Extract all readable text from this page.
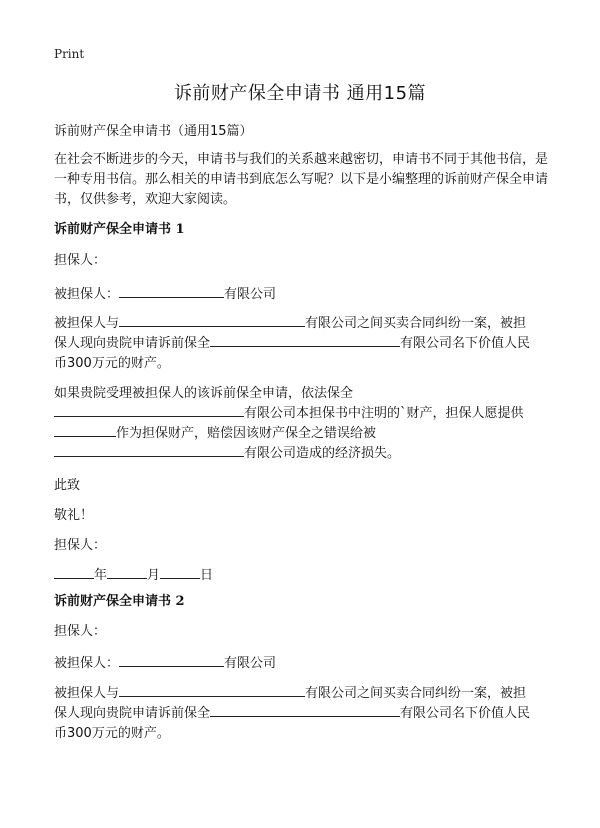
Print
诉前财产保全申请书 通用15篇
诉前财产保全申请书（通用15篇）

在社会不断进步的今天，申请书与我们的关系越来越密切，申请书不同于其他书信，是一种专用书信。那么相关的申请书到底怎么写呢？以下是小编整理的诉前财产保全申请书，仅供参考，欢迎大家阅读。

诉前财产保全申请书 1
担保人：
被担保人：	有限公司
被担保人与	有限公司之间买卖合同纠纷一案，被担
保人现向贵院申请诉前保全	有限公司名下价值人民
币300万元的财产。
如果贵院受理被担保人的该诉前保全申请，依法保全
有限公司本担保书中注明的`财产，担保人愿提供
作为担保财产，赔偿因该财产保全之错误给被
有限公司造成的经济损失。
此致
敬礼！
担保人：
年	月	日
诉前财产保全申请书 2
担保人：
被担保人：	有限公司
被担保人与	有限公司之间买卖合同纠纷一案，被担
保人现向贵院申请诉前保全	有限公司名下价值人民
币300万元的财产。
